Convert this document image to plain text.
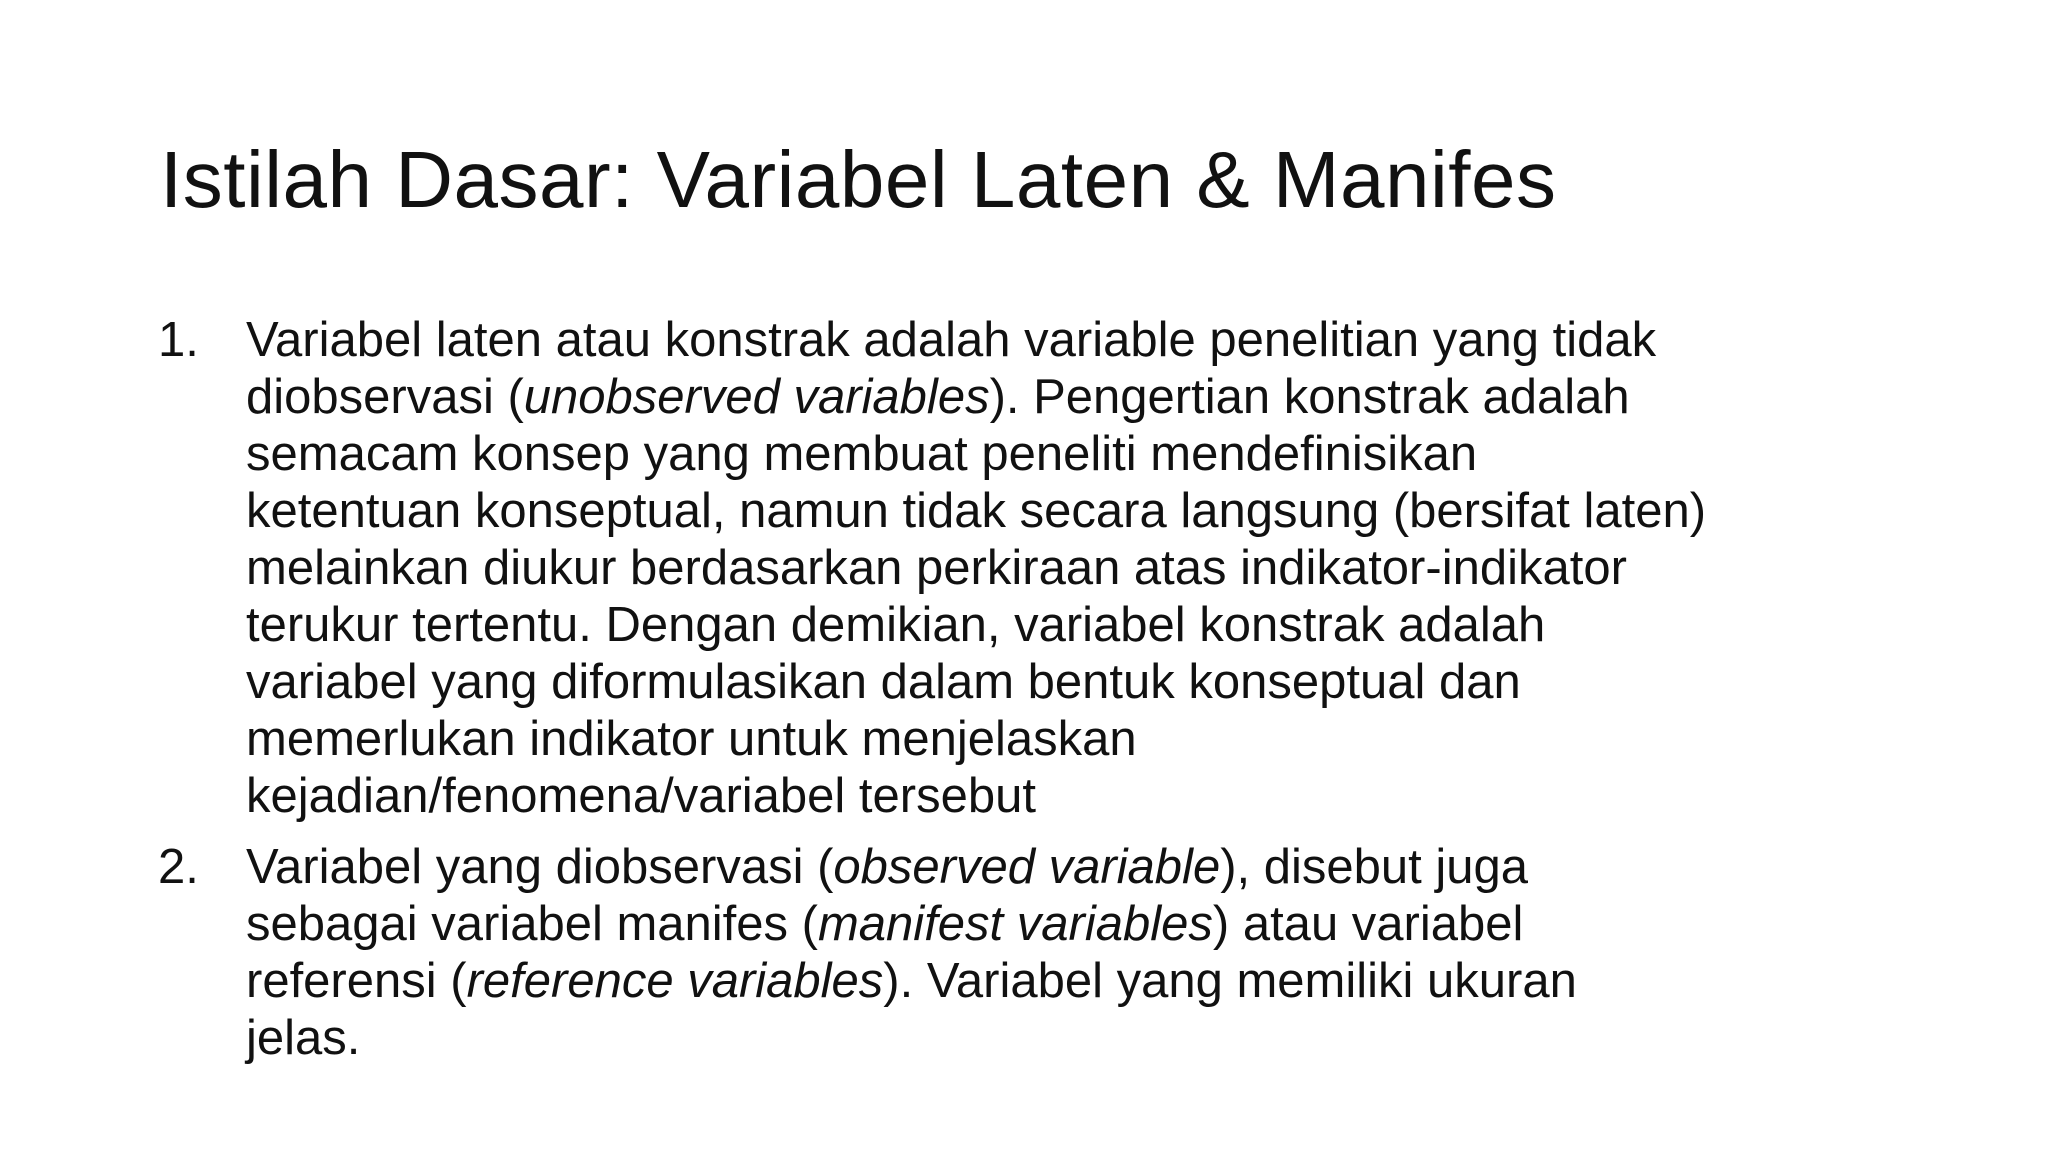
Istilah Dasar: Variabel Laten & Manifes
1. Variabel laten atau konstrak adalah variable penelitian yang tidak
diobservasi (unobserved variables). Pengertian konstrak adalah
semacam konsep yang membuat peneliti mendefinisikan
ketentuan konseptual, namun tidak secara langsung (bersifat laten)
melainkan diukur berdasarkan perkiraan atas indikator-indikator
terukur tertentu. Dengan demikian, variabel konstrak adalah
variabel yang diformulasikan dalam bentuk konseptual dan
memerlukan indikator untuk menjelaskan
kejadian/fenomena/variabel tersebut
2. Variabel yang diobservasi (observed variable), disebut juga
sebagai variabel manifes (manifest variables) atau variabel
referensi (reference variables). Variabel yang memiliki ukuran
jelas.
